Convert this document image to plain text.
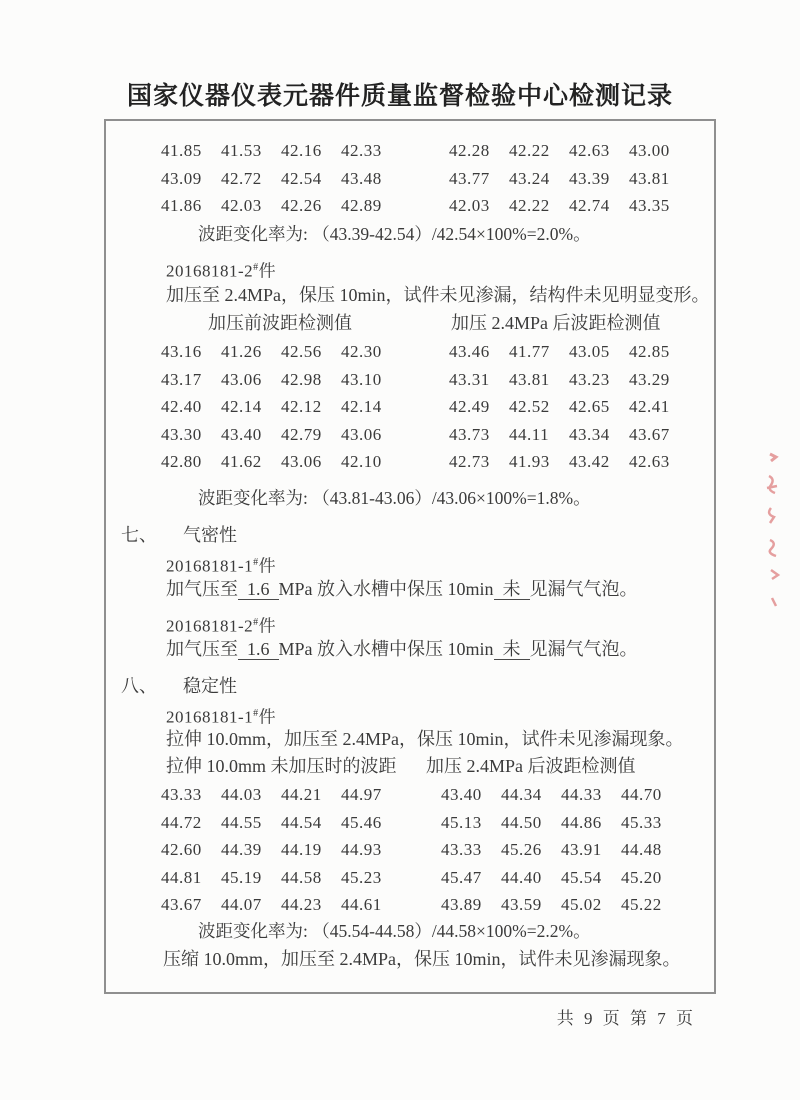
国家仪器仪表元器件质量监督检验中心检测记录
41.85 41.53 42.16 42.33
43.09 42.72 42.54 43.48
41.86 42.03 42.26 42.89
42.28 42.22 42.63 43.00
43.77 43.24 43.39 43.81
42.03 42.22 42.74 43.35
波距变化率为: （43.39-42.54）/42.54×100%=2.0%。
20168181-2#件
加压至 2.4MPa，保压 10min，试件未见渗漏，结构件未见明显变形。
加压前波距检测值	加压 2.4MPa 后波距检测值
43.16 41.26 42.56 42.30
43.17 43.06 42.98 43.10
42.40 42.14 42.12 42.14
43.30 43.40 42.79 43.06
42.80 41.62 43.06 42.10
43.46 41.77 43.05 42.85
43.31 43.81 43.23 43.29
42.49 42.52 42.65 42.41
43.73 44.11 43.34 43.67
42.73 41.93 43.42 42.63
波距变化率为: （43.81-43.06）/43.06×100%=1.8%。
七、 气密性
20168181-1#件
加气压至 1.6 MPa 放入水槽中保压 10min 未 见漏气气泡。
20168181-2#件
加气压至 1.6 MPa 放入水槽中保压 10min 未 见漏气气泡。
八、 稳定性
20168181-1#件
拉伸 10.0mm，加压至 2.4MPa，保压 10min，试件未见渗漏现象。
拉伸 10.0mm 未加压时的波距 加压 2.4MPa 后波距检测值
43.33 44.03 44.21 44.97
44.72 44.55 44.54 45.46
42.60 44.39 44.19 44.93
44.81 45.19 44.58 45.23
43.67 44.07 44.23 44.61
43.40 44.34 44.33 44.70
45.13 44.50 44.86 45.33
43.33 45.26 43.91 44.48
45.47 44.40 45.54 45.20
43.89 43.59 45.02 45.22
波距变化率为: （45.54-44.58）/44.58×100%=2.2%。
压缩 10.0mm，加压至 2.4MPa，保压 10min，试件未见渗漏现象。
共 9 页 第 7 页
